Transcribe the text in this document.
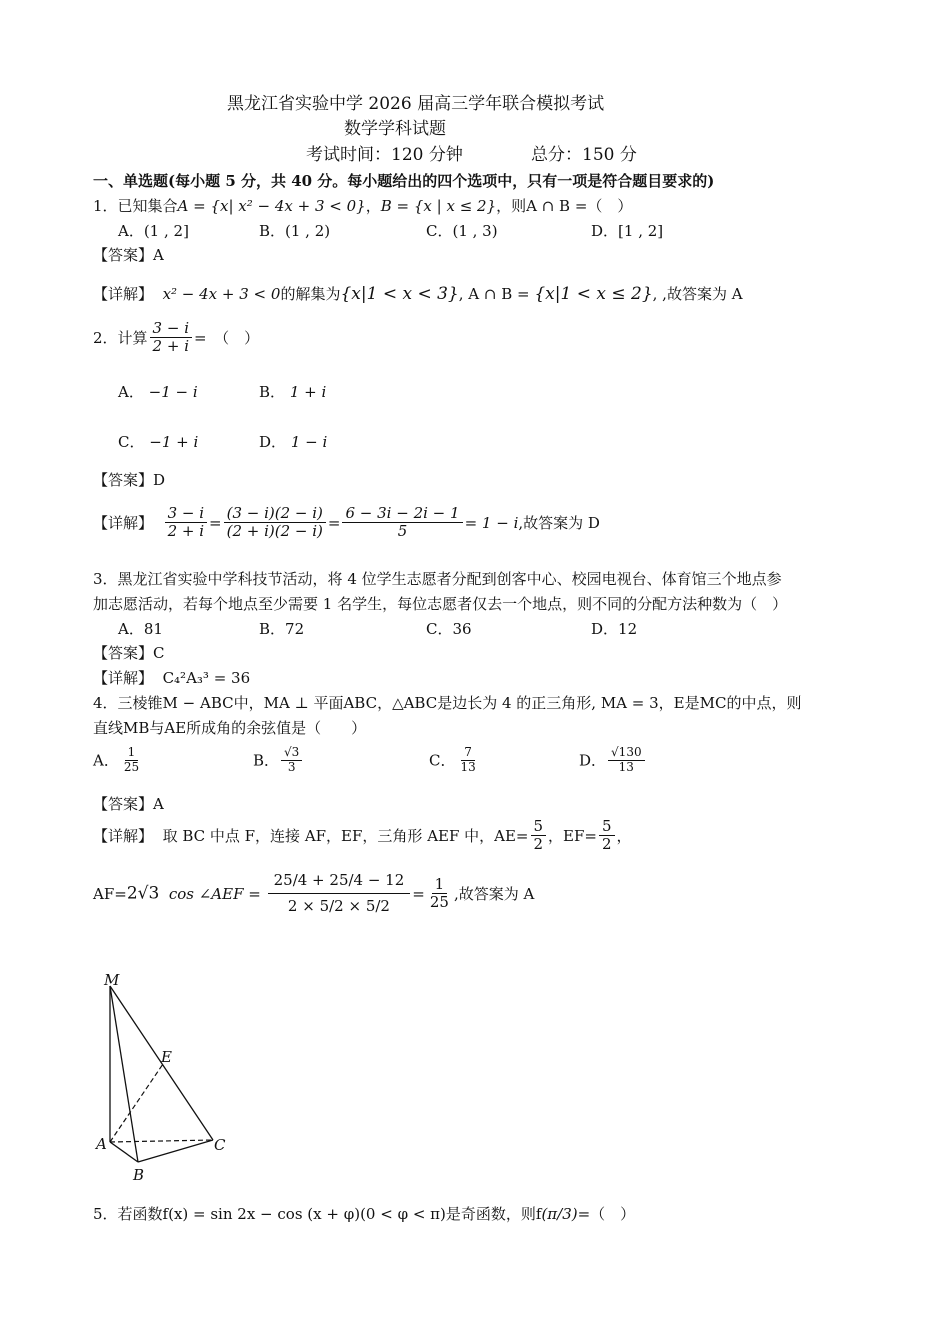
黑龙江省实验中学 2026 届高三学年联合模拟考试
数学学科试题
考试时间：120 分钟	总分：150 分
一、单选题(每小题 5 分，共 40 分。每小题给出的四个选项中，只有一项是符合题目要求的)
1．已知集合A = {x| x² − 4x + 3 < 0}，B = {x | x ≤ 2}，则A ∩ B =（　）
A．(1 , 2]	B．(1 , 2)	C．(1 , 3)	D．[1 , 2]
【答案】A
【详解】 x² − 4x + 3 < 0的解集为{x|1 < x < 3}, A ∩ B = {x|1 < x ≤ 2}, ,故答案为 A
2．计算 $\frac{3 - i}{2 + i}$ =　（　）
A． −1 − i	B． 1 + i
C． −1 + i	D． 1 − i
【答案】D
【详解】 $\frac{3 - i}{2 + i} = \frac{(3 - i)(2 - i)}{(2 + i)(2 - i)} = \frac{6 - 3i - 2i - 1}{5} = 1 - i$,故答案为 D
3．黑龙江省实验中学科技节活动，将 4 位学生志愿者分配到创客中心、校园电视台、体育馆三个地点参
加志愿活动，若每个地点至少需要 1 名学生，每位志愿者仅去一个地点，则不同的分配方法种数为（　）
A．81	B．72	C．36	D．12
【答案】C
【详解】 C₄²A₃³ = 36
4．三棱锥M − ABC中，MA ⊥ 平面ABC，△ABC是边长为 4 的正三角形, MA = 3，E是MC的中点，则
直线MB与AE所成角的余弦值是（　　）
A． $\frac{1}{25}$	B． $\frac{√3}{3}$	C． $\frac{7}{13}$	D． $\frac{√130}{13}$
【答案】A
【详解】 取 BC 中点 F，连接 AF，EF，三角形 AEF 中，$AE= \frac{5}{2}$ ，$EF= \frac{5}{2}$ ，
AF=2√3 cos ∠AEF = $\frac{25/4 + 25/4 - 12}{2 \times 5/2 \times 5/2} = \frac{1}{25}$ ,故答案为 A
M
E
A
B
C
5．若函数f(x) = sin 2x − cos (x + φ)(0 < φ < π)是奇函数，则f(π/3)=（　）
